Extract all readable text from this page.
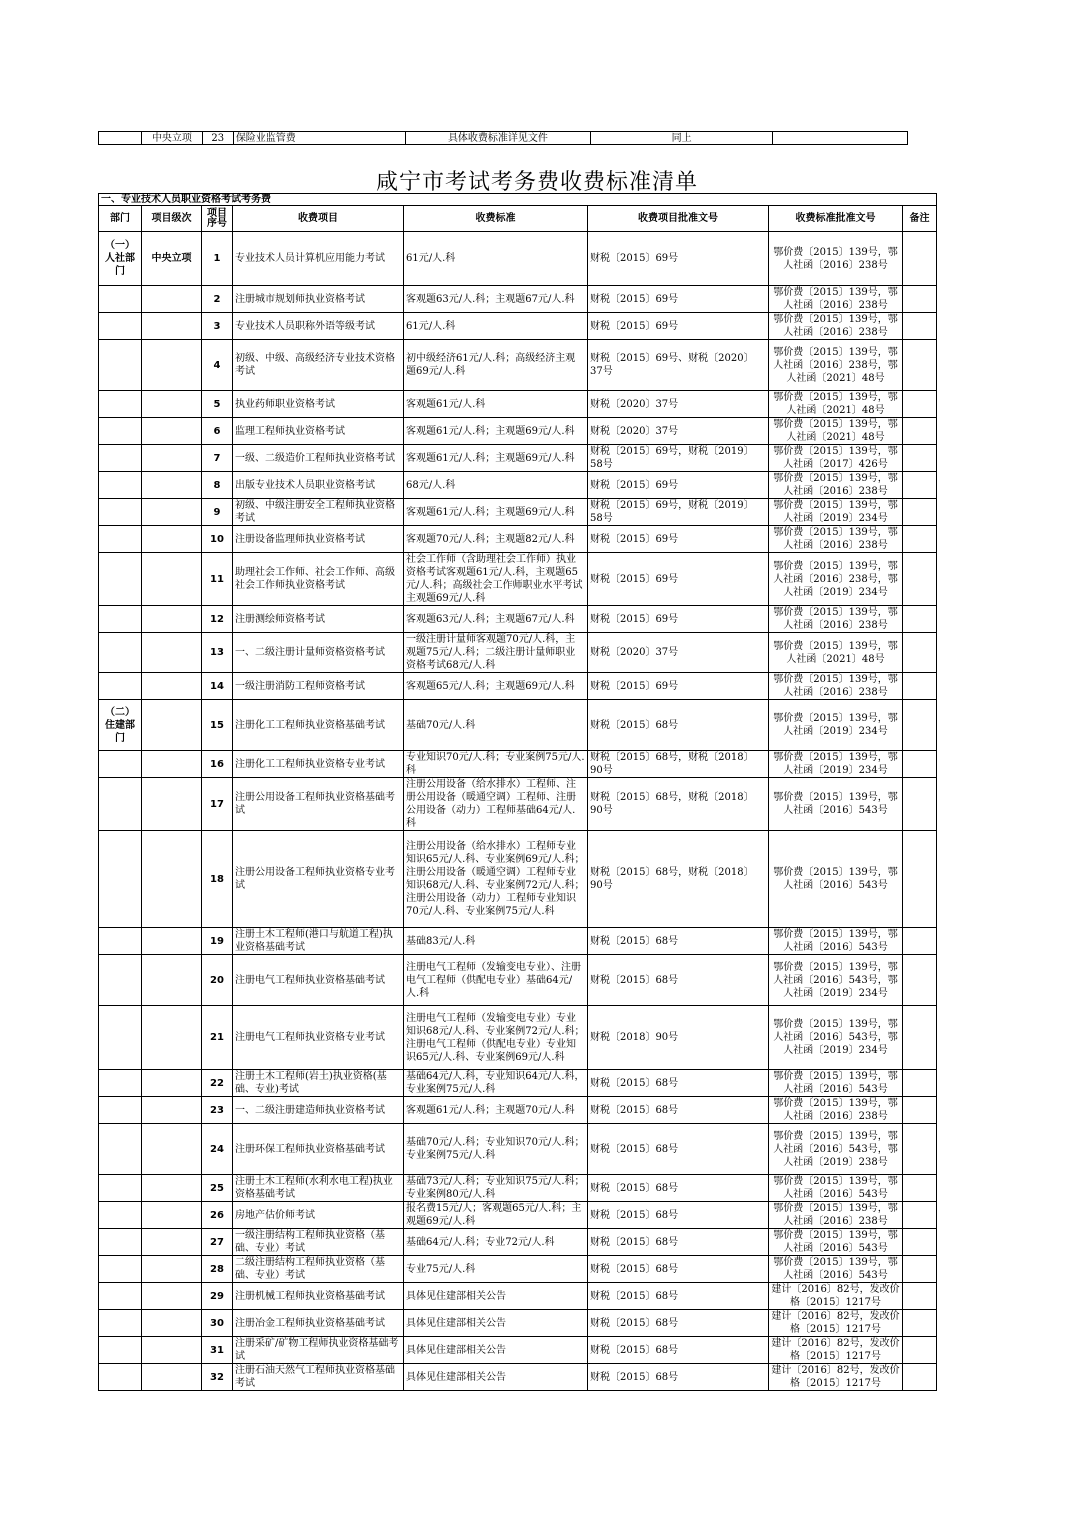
	中央立项	23	保险业监管费	具体收费标准详见文件	同上	
咸宁市考试考务费收费标准清单
一、专业技术人员职业资格考试考务费							
部门	项目级次	项目序号	收费项目	收费标准	收费项目批准文号	收费标准批准文号	备注
（一）人社部门	中央立项	1	专业技术人员计算机应用能力考试	61元/人.科	财税〔2015〕69号	鄂价费〔2015〕139号，鄂人社函〔2016〕238号	
		2	注册城市规划师执业资格考试	客观题63元/人.科；主观题67元/人.科	财税〔2015〕69号	鄂价费〔2015〕139号，鄂人社函〔2016〕238号	
		3	专业技术人员职称外语等级考试	61元/人.科	财税〔2015〕69号	鄂价费〔2015〕139号，鄂人社函〔2016〕238号	
		4	初级、中级、高级经济专业技术资格考试	初中级经济61元/人.科；高级经济主观题69元/人.科	财税〔2015〕69号、财税〔2020〕37号	鄂价费〔2015〕139号，鄂人社函〔2016〕238号，鄂人社函〔2021〕48号	
		5	执业药师职业资格考试	客观题61元/人.科	财税〔2020〕37号	鄂价费〔2015〕139号，鄂人社函〔2021〕48号	
		6	监理工程师执业资格考试	客观题61元/人.科；主观题69元/人.科	财税〔2020〕37号	鄂价费〔2015〕139号，鄂人社函〔2021〕48号	
		7	一级、二级造价工程师执业资格考试	客观题61元/人.科；主观题69元/人.科	财税〔2015〕69号，财税〔2019〕58号	鄂价费〔2015〕139号，鄂人社函〔2017〕426号	
		8	出版专业技术人员职业资格考试	68元/人.科	财税〔2015〕69号	鄂价费〔2015〕139号，鄂人社函〔2016〕238号	
		9	初级、中级注册安全工程师执业资格考试	客观题61元/人.科；主观题69元/人.科	财税〔2015〕69号，财税〔2019〕58号	鄂价费〔2015〕139号，鄂人社函〔2019〕234号	
		10	注册设备监理师执业资格考试	客观题70元/人.科；主观题82元/人.科	财税〔2015〕69号	鄂价费〔2015〕139号，鄂人社函〔2016〕238号	
		11	助理社会工作师、社会工作师、高级社会工作师执业资格考试	社会工作师（含助理社会工作师）执业资格考试客观题61元/人.科，主观题65元/人.科；高级社会工作师职业水平考试主观题69元/人.科	财税〔2015〕69号	鄂价费〔2015〕139号，鄂人社函〔2016〕238号，鄂人社函〔2019〕234号	
		12	注册测绘师资格考试	客观题63元/人.科；主观题67元/人.科	财税〔2015〕69号	鄂价费〔2015〕139号，鄂人社函〔2016〕238号	
		13	一、二级注册计量师资格资格考试	一级注册计量师客观题70元/人.科，主观题75元/人.科；二级注册计量师职业资格考试68元/人.科	财税〔2020〕37号	鄂价费〔2015〕139号，鄂人社函〔2021〕48号	
		14	一级注册消防工程师资格考试	客观题65元/人.科；主观题69元/人.科	财税〔2015〕69号	鄂价费〔2015〕139号，鄂人社函〔2016〕238号	
（二）住建部门		15	注册化工工程师执业资格基础考试	基础70元/人.科	财税〔2015〕68号	鄂价费〔2015〕139号，鄂人社函〔2019〕234号	
		16	注册化工工程师执业资格专业考试	专业知识70元/人.科；专业案例75元/人.科	财税〔2015〕68号，财税〔2018〕90号	鄂价费〔2015〕139号，鄂人社函〔2019〕234号	
		17	注册公用设备工程师执业资格基础考试	注册公用设备（给水排水）工程师、注册公用设备（暖通空调）工程师、注册公用设备（动力）工程师基础64元/人.科	财税〔2015〕68号，财税〔2018〕90号	鄂价费〔2015〕139号，鄂人社函〔2016〕543号	
		18	注册公用设备工程师执业资格专业考试	注册公用设备（给水排水）工程师专业知识65元/人.科、专业案例69元/人.科；注册公用设备（暖通空调）工程师专业知识68元/人.科、专业案例72元/人.科；注册公用设备（动力）工程师专业知识70元/人.科、专业案例75元/人.科	财税〔2015〕68号，财税〔2018〕90号	鄂价费〔2015〕139号，鄂人社函〔2016〕543号	
		19	注册土木工程师(港口与航道工程)执业资格基础考试	基础83元/人.科	财税〔2015〕68号	鄂价费〔2015〕139号，鄂人社函〔2016〕543号	
		20	注册电气工程师执业资格基础考试	注册电气工程师（发输变电专业）、注册电气工程师（供配电专业）基础64元/人.科	财税〔2015〕68号	鄂价费〔2015〕139号，鄂人社函〔2016〕543号，鄂人社函〔2019〕234号	
		21	注册电气工程师执业资格专业考试	注册电气工程师（发输变电专业）专业知识68元/人.科、专业案例72元/人.科；注册电气工程师（供配电专业）专业知识65元/人.科、专业案例69元/人.科	财税〔2018〕90号	鄂价费〔2015〕139号，鄂人社函〔2016〕543号，鄂人社函〔2019〕234号	
		22	注册土木工程师(岩土)执业资格(基础、专业)考试	基础64元/人.科，专业知识64元/人.科，专业案例75元/人.科	财税〔2015〕68号	鄂价费〔2015〕139号，鄂人社函〔2016〕543号	
		23	一、二级注册建造师执业资格考试	客观题61元/人.科；主观题70元/人.科	财税〔2015〕68号	鄂价费〔2015〕139号，鄂人社函〔2016〕238号	
		24	注册环保工程师执业资格基础考试	基础70元/人.科；专业知识70元/人.科；专业案例75元/人.科	财税〔2015〕68号	鄂价费〔2015〕139号，鄂人社函〔2016〕543号，鄂人社函〔2019〕238号	
		25	注册土木工程师(水利水电工程)执业资格基础考试	基础73元/人.科；专业知识75元/人.科；专业案例80元/人.科	财税〔2015〕68号	鄂价费〔2015〕139号，鄂人社函〔2016〕543号	
		26	房地产估价师考试	报名费15元/人；客观题65元/人.科；主观题69元/人.科	财税〔2015〕68号	鄂价费〔2015〕139号，鄂人社函〔2016〕238号	
		27	一级注册结构工程师执业资格（基础、专业）考试	基础64元/人.科；专业72元/人.科	财税〔2015〕68号	鄂价费〔2015〕139号，鄂人社函〔2016〕543号	
		28	二级注册结构工程师执业资格（基础、专业）考试	专业75元/人.科	财税〔2015〕68号	鄂价费〔2015〕139号，鄂人社函〔2016〕543号	
		29	注册机械工程师执业资格基础考试	具体见住建部相关公告	财税〔2015〕68号	建计〔2016〕82号，发改价格〔2015〕1217号	
		30	注册冶金工程师执业资格基础考试	具体见住建部相关公告	财税〔2015〕68号	建计〔2016〕82号，发改价格〔2015〕1217号	
		31	注册采矿/矿物工程师执业资格基础考试	具体见住建部相关公告	财税〔2015〕68号	建计〔2016〕82号，发改价格〔2015〕1217号	
		32	注册石油天然气工程师执业资格基础考试	具体见住建部相关公告	财税〔2015〕68号	建计〔2016〕82号，发改价格〔2015〕1217号	
